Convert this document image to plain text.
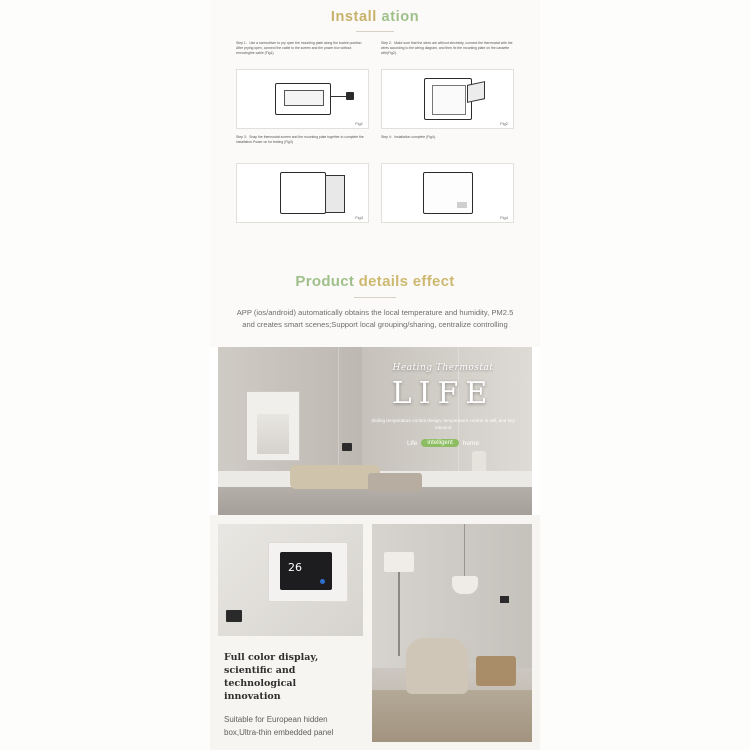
Install ation
Step 1：Use a screwdriver to pry open the mounting plate along the buckle position. After prying open, connect the cable to the screen and the power box without removingthe cable (Fig1).
Fig1
Step 2：Make sure that the wires are without electricity, connect the thermostat with the wires according to the wiring diagram, and then fix the mounting plate on the cassette with(Fig2).
Fig2
Step 3：Snap the thermostat screen and the mounting plate together to complete the installation.Power on for testing (Fig3)
Fig3
Step 4：Installation complete (Fig4).
Fig4
Product details effect
APP (ios/android) automatically obtains the local temperature and humidity, PM2.5 and creates smart scenes;Support local grouping/sharing, centralize controlling
Heating Thermostat
LIFE
Sliding temperature control design, temperature control at will, and key rebound
Life	intelligent	home
26
Full color display,
scientific and technological
innovation
Suitable for European hidden box,Ultra-thin embedded panel
